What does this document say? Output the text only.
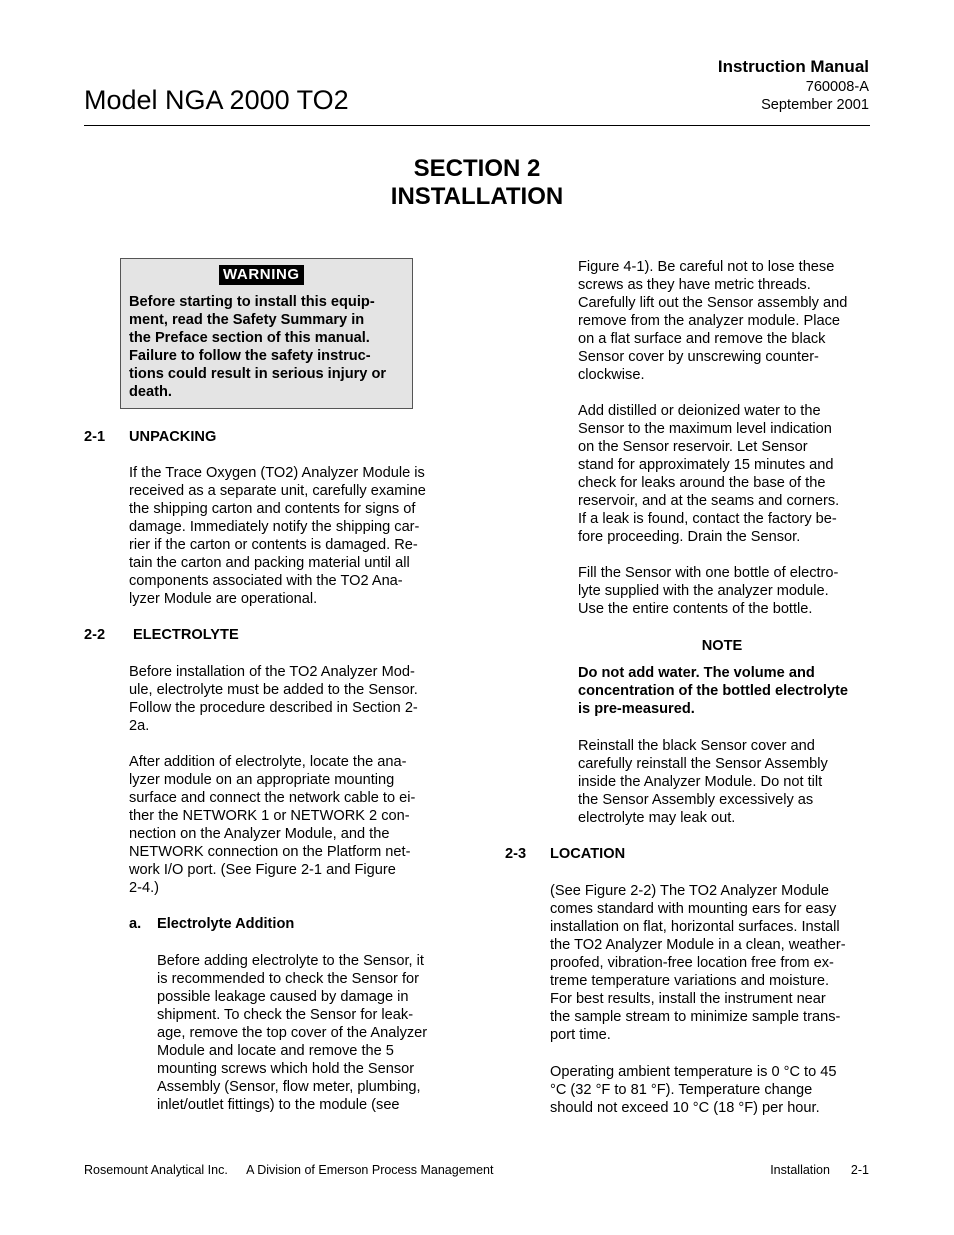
Model NGA 2000 TO2
Instruction Manual
760008-A
September 2001
SECTION 2
INSTALLATION
WARNING
Before starting to install this equip-
ment, read the Safety Summary in
the Preface section of this manual.
Failure to follow the safety instruc-
tions could result in serious injury or
death.
2-1 UNPACKING

If the Trace Oxygen (TO2) Analyzer Module is
received as a separate unit, carefully examine
the shipping carton and contents for signs of
damage. Immediately notify the shipping car-
rier if the carton or contents is damaged. Re-
tain the carton and packing material until all
components associated with the TO2 Ana-
lyzer Module are operational.

2-2 ELECTROLYTE

Before installation of the TO2 Analyzer Mod-
ule, electrolyte must be added to the Sensor.
Follow the procedure described in Section 2-
2a.

After addition of electrolyte, locate the ana-
lyzer module on an appropriate mounting
surface and connect the network cable to ei-
ther the NETWORK 1 or NETWORK 2 con-
nection on the Analyzer Module, and the
NETWORK connection on the Platform net-
work I/O port. (See Figure 2-1 and Figure
2-4.)

a. Electrolyte Addition

Before adding electrolyte to the Sensor, it
is recommended to check the Sensor for
possible leakage caused by damage in
shipment. To check the Sensor for leak-
age, remove the top cover of the Analyzer
Module and locate and remove the 5
mounting screws which hold the Sensor
Assembly (Sensor, flow meter, plumbing,
inlet/outlet fittings) to the module (see

Figure 4-1). Be careful not to lose these
screws as they have metric threads.
Carefully lift out the Sensor assembly and
remove from the analyzer module. Place
on a flat surface and remove the black
Sensor cover by unscrewing counter-
clockwise.

Add distilled or deionized water to the
Sensor to the maximum level indication
on the Sensor reservoir. Let Sensor
stand for approximately 15 minutes and
check for leaks around the base of the
reservoir, and at the seams and corners.
If a leak is found, contact the factory be-
fore proceeding. Drain the Sensor.

Fill the Sensor with one bottle of electro-
lyte supplied with the analyzer module.
Use the entire contents of the bottle.

NOTE

Do not add water. The volume and
concentration of the bottled electrolyte
is pre-measured.

Reinstall the black Sensor cover and
carefully reinstall the Sensor Assembly
inside the Analyzer Module. Do not tilt
the Sensor Assembly excessively as
electrolyte may leak out.

2-3 LOCATION

(See Figure 2-2) The TO2 Analyzer Module
comes standard with mounting ears for easy
installation on flat, horizontal surfaces. Install
the TO2 Analyzer Module in a clean, weather-
proofed, vibration-free location free from ex-
treme temperature variations and moisture.
For best results, install the instrument near
the sample stream to minimize sample trans-
port time.

Operating ambient temperature is 0 °C to 45
°C (32 °F to 81 °F). Temperature change
should not exceed 10 °C (18 °F) per hour.

Rosemount Analytical Inc. A Division of Emerson Process Management	Installation 2-1
